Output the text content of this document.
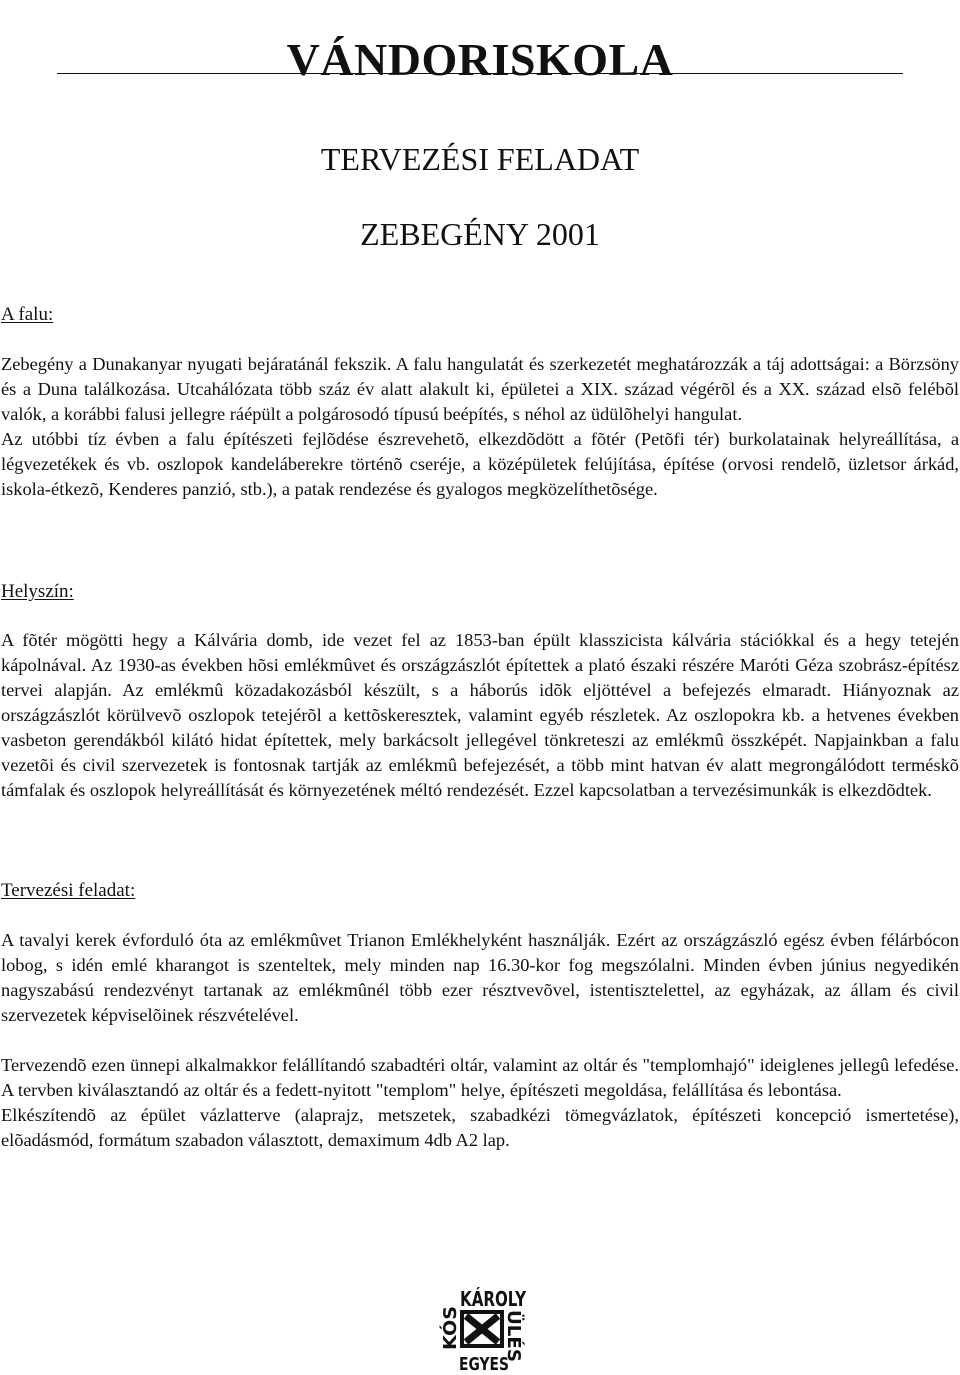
VÁNDORISKOLA
TERVEZÉSI FELADAT
ZEBEGÉNY 2001
A falu:

Zebegény a Dunakanyar nyugati bejáratánál fekszik. A falu hangulatát és szerkezetét meghatározzák a táj adottságai: a Börzsöny és a Duna találkozása. Utcahálózata több száz év alatt alakult ki, épületei a XIX. század végérõl és a XX. század elsõ felébõl valók, a korábbi falusi jellegre ráépült a polgárosodó típusú beépítés, s néhol az üdülõhelyi hangulat.

Az utóbbi tíz évben a falu építészeti fejlõdése észrevehetõ, elkezdõdött a fõtér (Petõfi tér) burkolatainak helyreállítása, a légvezetékek és vb. oszlopok kandeláberekre történõ cseréje, a középületek felújítása, építése (orvosi rendelõ, üzletsor árkád, iskola-étkezõ, Kenderes panzió, stb.), a patak rendezése és gyalogos megközelíthetõsége.

Helyszín:

A fõtér mögötti hegy a Kálvária domb, ide vezet fel az 1853-ban épült klasszicista kálvária stációkkal és a hegy tetején kápolnával. Az 1930-as években hõsi emlékmûvet és országzászlót építettek a plató északi részére Maróti Géza szobrász-építész tervei alapján. Az emlékmû közadakozásból készült, s a háborús idõk eljöttével a befejezés elmaradt. Hiányoznak az országzászlót körülvevõ oszlopok tetejérõl a kettõskeresztek, valamint egyéb részletek. Az oszlopokra kb. a hetvenes években vasbeton gerendákból kilátó hidat építettek, mely barkácsolt jellegével tönkreteszi az emlékmû összképét. Napjainkban a falu vezetõi és civil szervezetek is fontosnak tartják az emlékmû befejezését, a több mint hatvan év alatt megrongálódott terméskõ támfalak és oszlopok helyreállítását és környezetének méltó rendezését. Ezzel kapcsolatban a tervezésimunkák is elkezdõdtek.

Tervezési feladat:

A tavalyi kerek évforduló óta az emlékmûvet Trianon Emlékhelyként használják. Ezért az országzászló egész évben félárbócon lobog, s idén emlé kharangot is szenteltek, mely minden nap 16.30-kor fog megszólalni. Minden évben június negyedikén nagyszabású rendezvényt tartanak az emlékmûnél több ezer résztvevõvel, istentisztelettel, az egyházak, az állam és civil szervezetek képviselõinek részvételével.

Tervezendõ ezen ünnepi alkalmakkor felállítandó szabadtéri oltár, valamint az oltár és "templomhajó" ideiglenes jellegû lefedése. A tervben kiválasztandó az oltár és a fedett-nyitott "templom" helye, építészeti megoldása, felállítása és lebontása.

Elkészítendõ az épület vázlatterve (alaprajz, metszetek, szabadkézi tömegvázlatok, építészeti koncepció ismertetése), elõadásmód, formátum szabadon választott, demaximum 4db A2 lap.

KÁROLY
EGYES
KÓS ÜLÉS
